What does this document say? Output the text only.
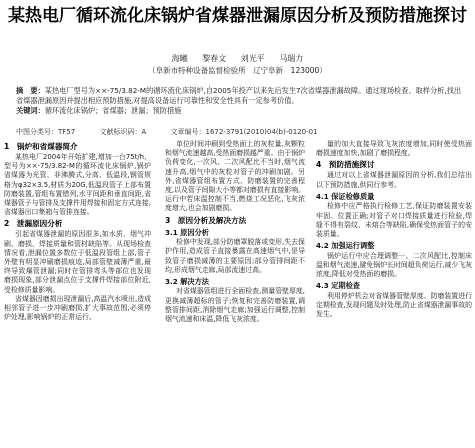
某热电厂循环流化床锅炉省煤器泄漏原因分析及预防措施探讨
海曦 黎春文 刘光平 马瑞力
（阜新市特种设备监督检验所　辽宁阜新　123000）
摘　要：某热电厂型号为××-75/3.82-M的循环流化床锅炉,自2005年投产以来先后发生7次省煤器泄漏故障。通过现场检查、取样分析,找出省煤器泄漏原因并提出相应预防措施,对提高设备运行可靠性和安全性具有一定参考价值。
关键词：循环流化床锅炉；省煤器；泄漏；预防措施
中图分类号：TF57	文献标识码：A	文章编号：1672-3791(2010)04(b)-0120-01
1　锅炉和省煤器简介

某热电厂2004年开始扩建,增加一台75t/h、型号为××-75/3.82-M的循环流化床锅炉,锅炉省煤器为光管、非沸腾式,分高、低温段,钢管规格为φ32×3.5,材质为20G,低温段管子上部布置防磨装置,管组布置错列,水平间距和垂直间距,省煤器管子与管排及支撑件用焊接和固定方式连接,省煤器出口集箱与管排连接。

2　泄漏原因分析

引起省煤器泄漏的原因很多,如水质、烟气冲刷、磨损、焊接质量和管材缺陷等。从现场检查情况看,泄漏位置多数位于低温段管组上部,管子外壁有明显冲刷磨损痕迹,局部管壁减薄严重,最终导致爆管泄漏;同时在管排弯头等部位也发现磨损现象,部分泄漏点位于支撑件焊接部位附近,受检修质量影响。

省煤器因磨损出现泄漏后,高温汽水喷出,造成相邻管子进一步冲刷磨损,扩大事故范围,必须停炉处理,影响锅炉的正常运行。

单位时间冲刷到受热面上的灰粒量,灰颗粒和烟气流速越高,受热面磨损越严重。由于锅炉负荷变化,一次风、二次风配比不当时,烟气流速升高,烟气中的灰粒对管子的冲刷加剧。另外,省煤器管组布置方式、防磨装置的完善程度,以及管子间隙大小等都对磨损有直接影响。运行中若床温控制不当,燃烧工况恶化,飞灰浓度增大,也会加剧磨损。

3　原因分析及解决方法
3.1 原因分析

检修中发现,部分防磨罩脱落或变形,失去保护作用,造成管子直接暴露在高速烟气中,是导致管子磨损减薄的主要原因;部分管排间距不均,形成烟气走廊,局部流速过高。

3.2 解决方法

对省煤器管组进行全面检查,测量管壁厚度,更换减薄超标的管子;恢复和完善防磨装置,调整管排间距,消除烟气走廊;加强运行调整,控制烟气流速和床温,降低飞灰浓度。

量的加大直接导致飞灰浓度增加,同时使受热面磨损速度加快,加剧了磨损程度。

4　预防措施探讨

通过对以上省煤器泄漏原因的分析,我们总结出以下预防措施,供同行参考。

4.1 保证检修质量

检修中应严格执行检修工艺,保证防磨装置安装牢固、位置正确;对管子对口焊接质量进行检验,焊缝不得有裂纹、未熔合等缺陷,确保受热面管子的安装质量。

4.2 加强运行调整

锅炉运行中应合理调整一、二次风配比,控制床温和烟气流速,避免锅炉长时间超负荷运行,减少飞灰浓度,降低对受热面的磨损。

4.3 定期检查

利用停炉机会对省煤器管壁厚度、防磨装置进行定期检查,发现问题及时处理,防止省煤器泄漏事故的发生。
